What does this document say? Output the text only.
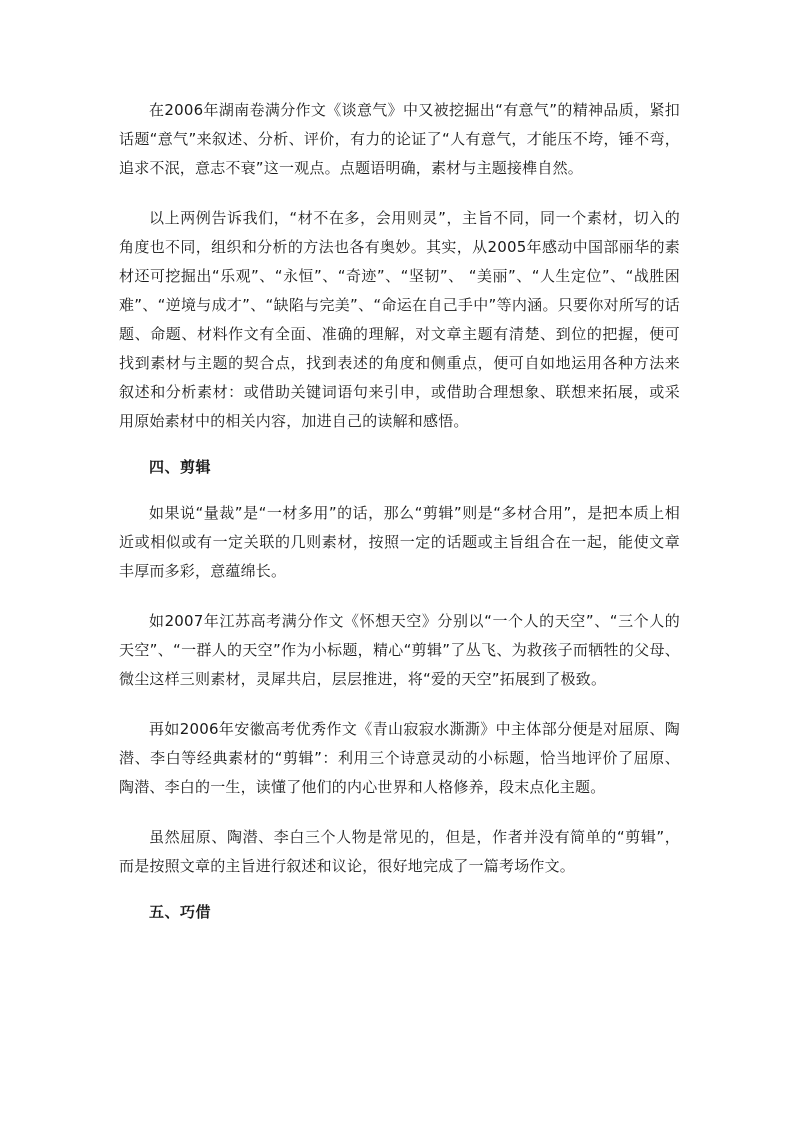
在2006年湖南卷满分作文《谈意气》中又被挖掘出“有意气”的精神品质，紧扣话题“意气”来叙述、分析、评价，有力的论证了“人有意气，才能压不垮，锤不弯，追求不泯，意志不衰”这一观点。点题语明确，素材与主题接榫自然。

以上两例告诉我们，“材不在多，会用则灵”，主旨不同，同一个素材，切入的角度也不同，组织和分析的方法也各有奥妙。其实，从2005年感动中国部丽华的素材还可挖掘出“乐观”、“永恒”、“奇迹”、“坚韧”、 “美丽”、“人生定位”、“战胜困难”、“逆境与成才”、“缺陷与完美”、“命运在自己手中”等内涵。只要你对所写的话题、命题、材料作文有全面、准确的理解，对文章主题有清楚、到位的把握，便可找到素材与主题的契合点，找到表述的角度和侧重点，便可自如地运用各种方法来叙述和分析素材：或借助关键词语句来引申，或借助合理想象、联想来拓展，或采用原始素材中的相关内容，加进自己的读解和感悟。

四、剪辑

如果说“量裁”是“一材多用”的话，那么“剪辑”则是“多材合用”，是把本质上相近或相似或有一定关联的几则素材，按照一定的话题或主旨组合在一起，能使文章丰厚而多彩，意蕴绵长。

如2007年江苏高考满分作文《怀想天空》分别以“一个人的天空”、“三个人的天空”、“一群人的天空”作为小标题，精心“剪辑”了丛飞、为救孩子而牺牲的父母、微尘这样三则素材，灵犀共启，层层推进，将“爱的天空”拓展到了极致。

再如2006年安徽高考优秀作文《青山寂寂水澌澌》中主体部分便是对屈原、陶潜、李白等经典素材的“剪辑”：利用三个诗意灵动的小标题，恰当地评价了屈原、陶潜、李白的一生，读懂了他们的内心世界和人格修养，段末点化主题。

虽然屈原、陶潜、李白三个人物是常见的，但是，作者并没有简单的“剪辑”，而是按照文章的主旨进行叙述和议论，很好地完成了一篇考场作文。

五、巧借
